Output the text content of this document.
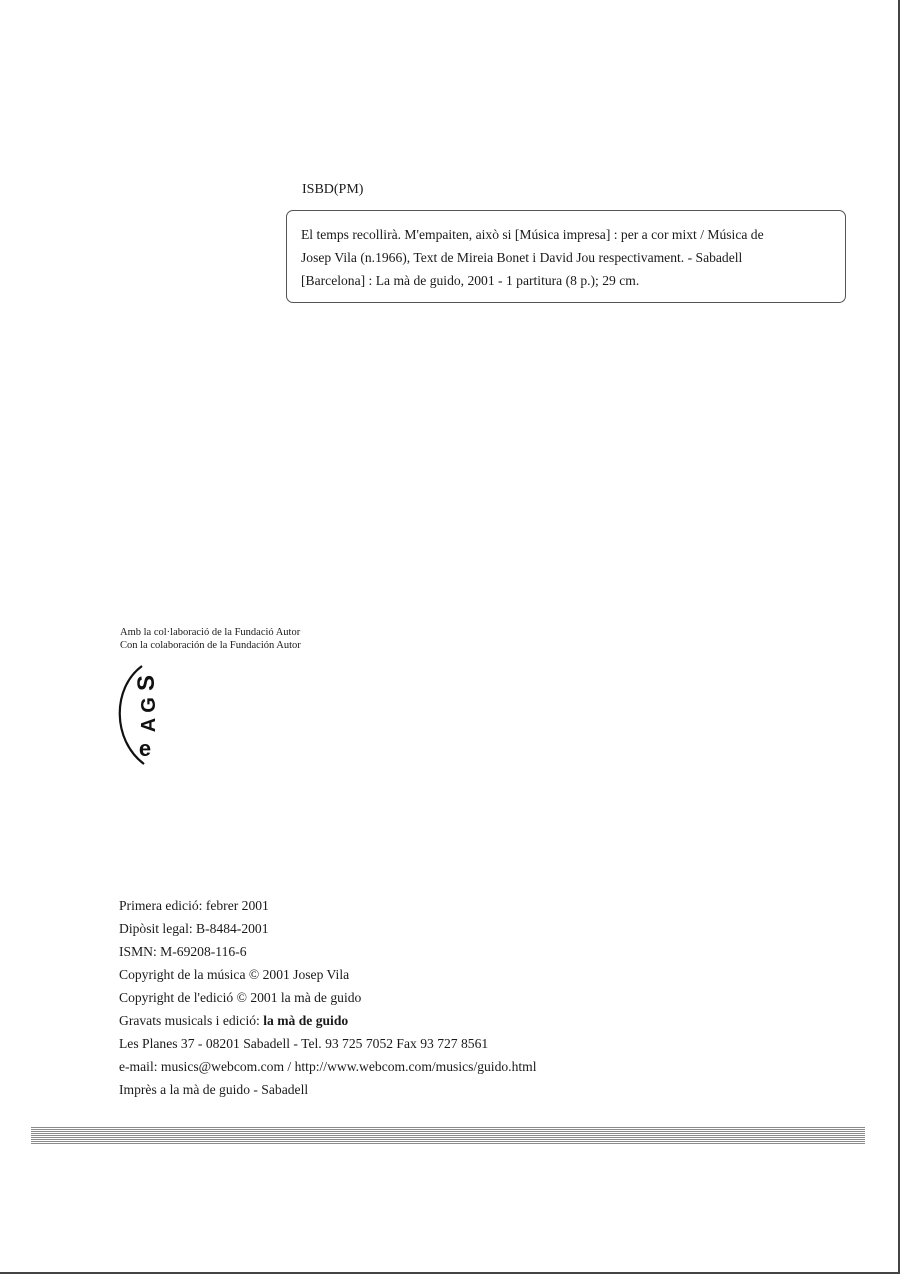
ISBD(PM)

El temps recollirà. M'empaiten, això si [Música impresa] : per a cor mixt / Música de

Josep Vila (n.1966), Text de Mireia Bonet i David Jou respectivament. - Sabadell

[Barcelona] : La mà de guido, 2001 - 1 partitura (8 p.); 29 cm.

Amb la col·laboració de la Fundació Autor
Con la colaboración de la Fundación Autor
S
G
A
e
Primera edició: febrer 2001
Dipòsit legal: B-8484-2001
ISMN: M-69208-116-6
Copyright de la música © 2001 Josep Vila
Copyright de l'edició © 2001 la mà de guido
Gravats musicals i edició: la mà de guido
Les Planes 37 - 08201 Sabadell - Tel. 93 725 7052 Fax 93 727 8561
e-mail: musics@webcom.com / http://www.webcom.com/musics/guido.html
Imprès a la mà de guido - Sabadell
